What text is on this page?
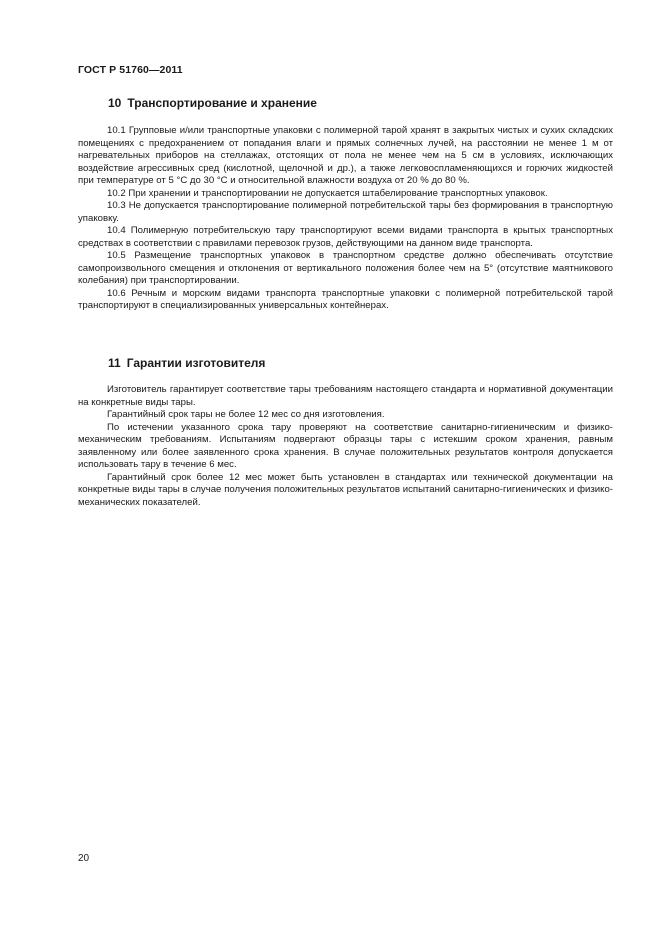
ГОСТ Р 51760—2011
10 Транспортирование и хранение

10.1 Групповые и/или транспортные упаковки с полимерной тарой хранят в закрытых чистых и сухих складских помещениях с предохранением от попадания влаги и прямых солнечных лучей, на расстоянии не менее 1 м от нагревательных приборов на стеллажах, отстоящих от пола не менее чем на 5 см в условиях, исключающих воздействие агрессивных сред (кислотной, щелочной и др.), а также легковоспламеняющихся и горючих жидкостей при температуре от 5 °С до 30 °С и относительной влажности воздуха от 20 % до 80 %.

10.2 При хранении и транспортировании не допускается штабелирование транспортных упаковок.

10.3 Не допускается транспортирование полимерной потребительской тары без формирования в транспортную упаковку.

10.4 Полимерную потребительскую тару транспортируют всеми видами транспорта в крытых транспортных средствах в соответствии с правилами перевозок грузов, действующими на данном виде транспорта.

10.5 Размещение транспортных упаковок в транспортном средстве должно обеспечивать отсутствие самопроизвольного смещения и отклонения от вертикального положения более чем на 5° (отсутствие маятникового колебания) при транспортировании.

10.6 Речным и морским видами транспорта транспортные упаковки с полимерной потребительской тарой транспортируют в специализированных универсальных контейнерах.

11 Гарантии изготовителя

Изготовитель гарантирует соответствие тары требованиям настоящего стандарта и нормативной документации на конкретные виды тары.

Гарантийный срок тары не более 12 мес со дня изготовления.

По истечении указанного срока тару проверяют на соответствие санитарно-гигиеническим и физико-механическим требованиям. Испытаниям подвергают образцы тары с истекшим сроком хранения, равным заявленному или более заявленного срока хранения. В случае положительных результатов контроля допускается использовать тару в течение 6 мес.

Гарантийный срок более 12 мес может быть установлен в стандартах или технической документации на конкретные виды тары в случае получения положительных результатов испытаний санитарно-гигиенических и физико-механических показателей.

20
